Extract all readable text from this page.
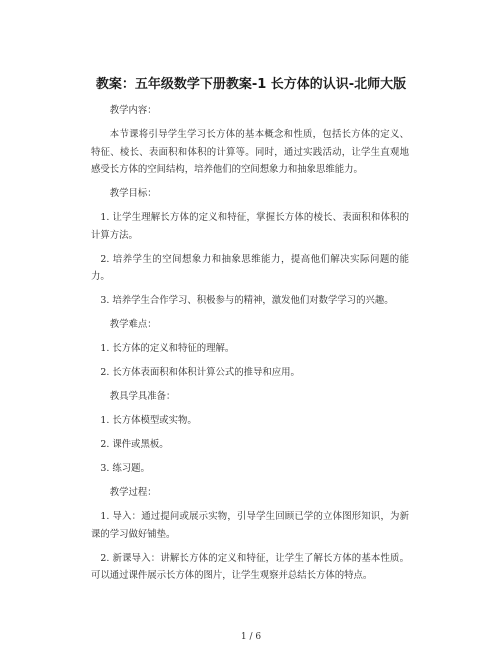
教案：五年级数学下册教案-1 长方体的认识-北师大版

教学内容：

本节课将引导学生学习长方体的基本概念和性质，包括长方体的定义、特征、棱长、表面积和体积的计算等。同时，通过实践活动，让学生直观地感受长方体的空间结构，培养他们的空间想象力和抽象思维能力。

教学目标：

1. 让学生理解长方体的定义和特征，掌握长方体的棱长、表面积和体积的计算方法。

2. 培养学生的空间想象力和抽象思维能力，提高他们解决实际问题的能力。

3. 培养学生合作学习、积极参与的精神，激发他们对数学学习的兴趣。

教学难点：

1. 长方体的定义和特征的理解。

2. 长方体表面积和体积计算公式的推导和应用。

教具学具准备：

1. 长方体模型或实物。

2. 课件或黑板。

3. 练习题。

教学过程：

1. 导入：通过提问或展示实物，引导学生回顾已学的立体图形知识，为新课的学习做好铺垫。

2. 新课导入：讲解长方体的定义和特征，让学生了解长方体的基本性质。可以通过课件展示长方体的图片，让学生观察并总结长方体的特点。

1 / 6
